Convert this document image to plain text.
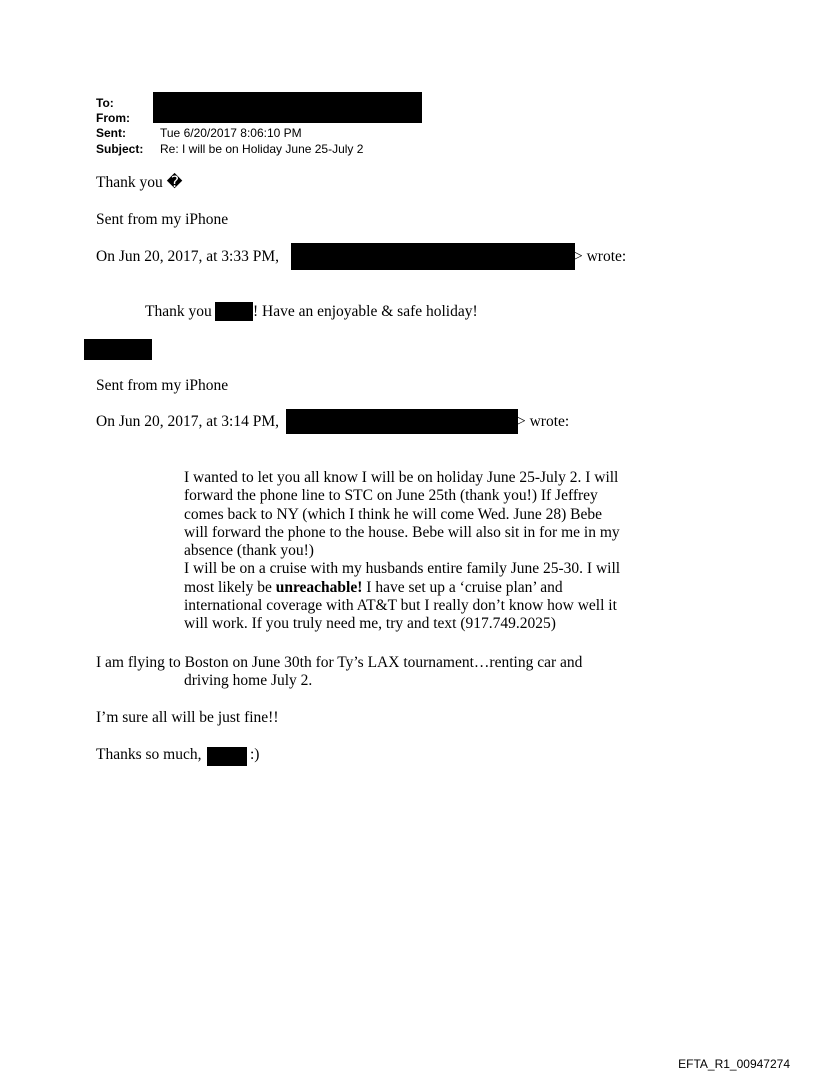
To:
From:
Sent:	Tue 6/20/2017 8:06:10 PM
Subject: Re: I will be on Holiday June 25-July 2
Thank you �
Sent from my iPhone
On Jun 20, 2017, at 3:33 PM,	> wrote:
Thank you	! Have an enjoyable & safe holiday!
Sent from my iPhone
On Jun 20, 2017, at 3:14 PM,	> wrote:
I wanted to let you all know I will be on holiday June 25-July 2. I will
forward the phone line to STC on June 25th (thank you!) If Jeffrey
comes back to NY (which I think he will come Wed. June 28) Bebe
will forward the phone to the house. Bebe will also sit in for me in my
absence (thank you!)
I will be on a cruise with my husbands entire family June 25-30. I will
most likely be unreachable! I have set up a ‘cruise plan’ and
international coverage with AT&T but I really don’t know how well it
will work. If you truly need me, try and text (917.749.2025)
I am flying to Boston on June 30th for Ty’s LAX tournament…renting car and
driving home July 2.
I’m sure all will be just fine!!
Thanks so much,	:)
EFTA_R1_00947274
